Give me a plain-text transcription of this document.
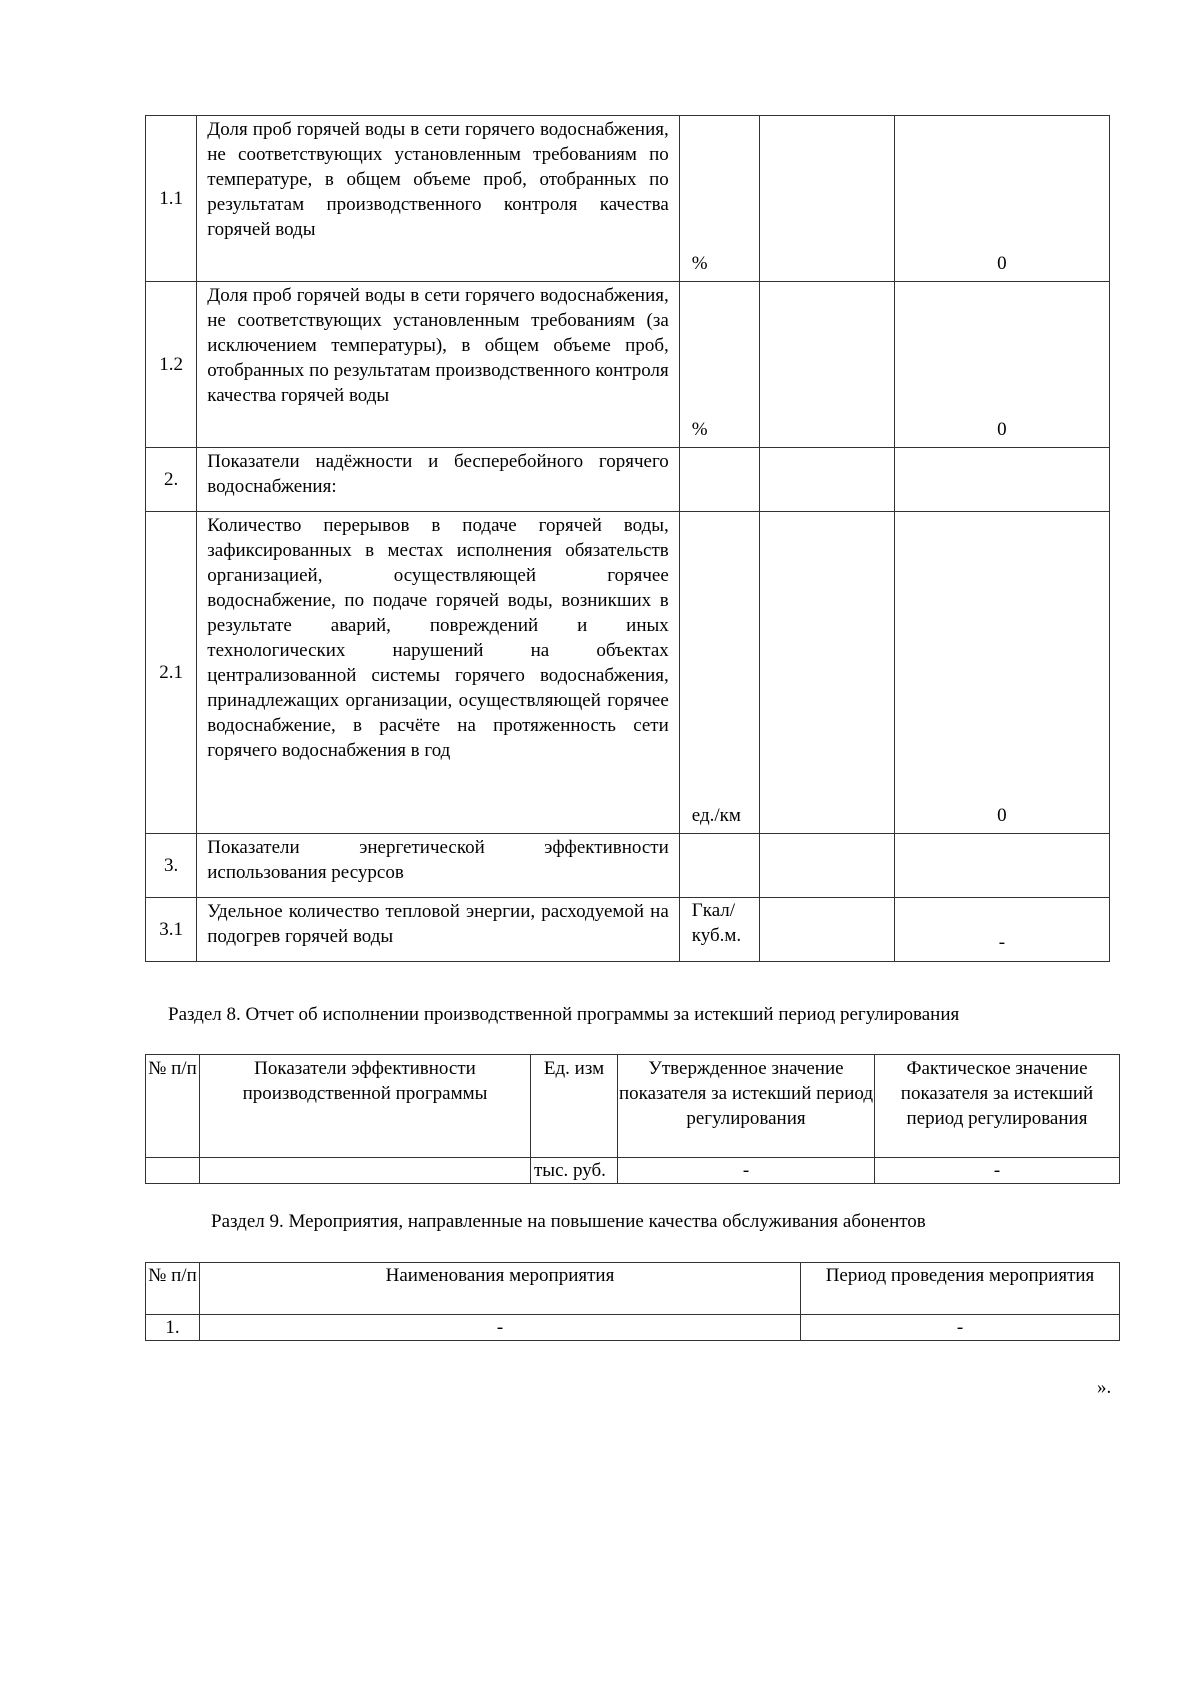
1.1	Доля проб горячей воды в сети горячего водоснабжения, не соответствующих установленным требованиям по температуре, в общем объеме проб, отобранных по результатам производственного контроля качества горячей воды	%		0
1.2	Доля проб горячей воды в сети горячего водоснабжения, не соответствующих установленным требованиям (за исключением температуры), в общем объеме проб, отобранных по результатам производственного контроля качества горячей воды	%		0
2.	Показатели надёжности и бесперебойного горячего водоснабжения:			
2.1	Количество перерывов в подаче горячей воды, зафиксированных в местах исполнения обязательств организацией, осуществляющей горячее водоснабжение, по подаче горячей воды, возникших в результате аварий, повреждений и иных технологических нарушений на объектах централизованной системы горячего водоснабжения, принадлежащих организации, осуществляющей горячее водоснабжение, в расчёте на протяженность сети горячего водоснабжения в год	ед./км		0
3.	Показатели энергетической эффективности использования ресурсов			
3.1	Удельное количество тепловой энергии, расходуемой на подогрев горячей воды	Гкал/ куб.м.		-
Раздел 8. Отчет об исполнении производственной программы за истекший период регулирования
№ п/п	Показатели эффективности производственной программы	Ед. изм	Утвержденное значение показателя за истекший период регулирования	Фактическое значение показателя за истекший период регулирования
		тыс. руб.	-	-
Раздел 9. Мероприятия, направленные на повышение качества обслуживания абонентов
№ п/п	Наименования мероприятия	Период проведения мероприятия
1.	-	-
».
